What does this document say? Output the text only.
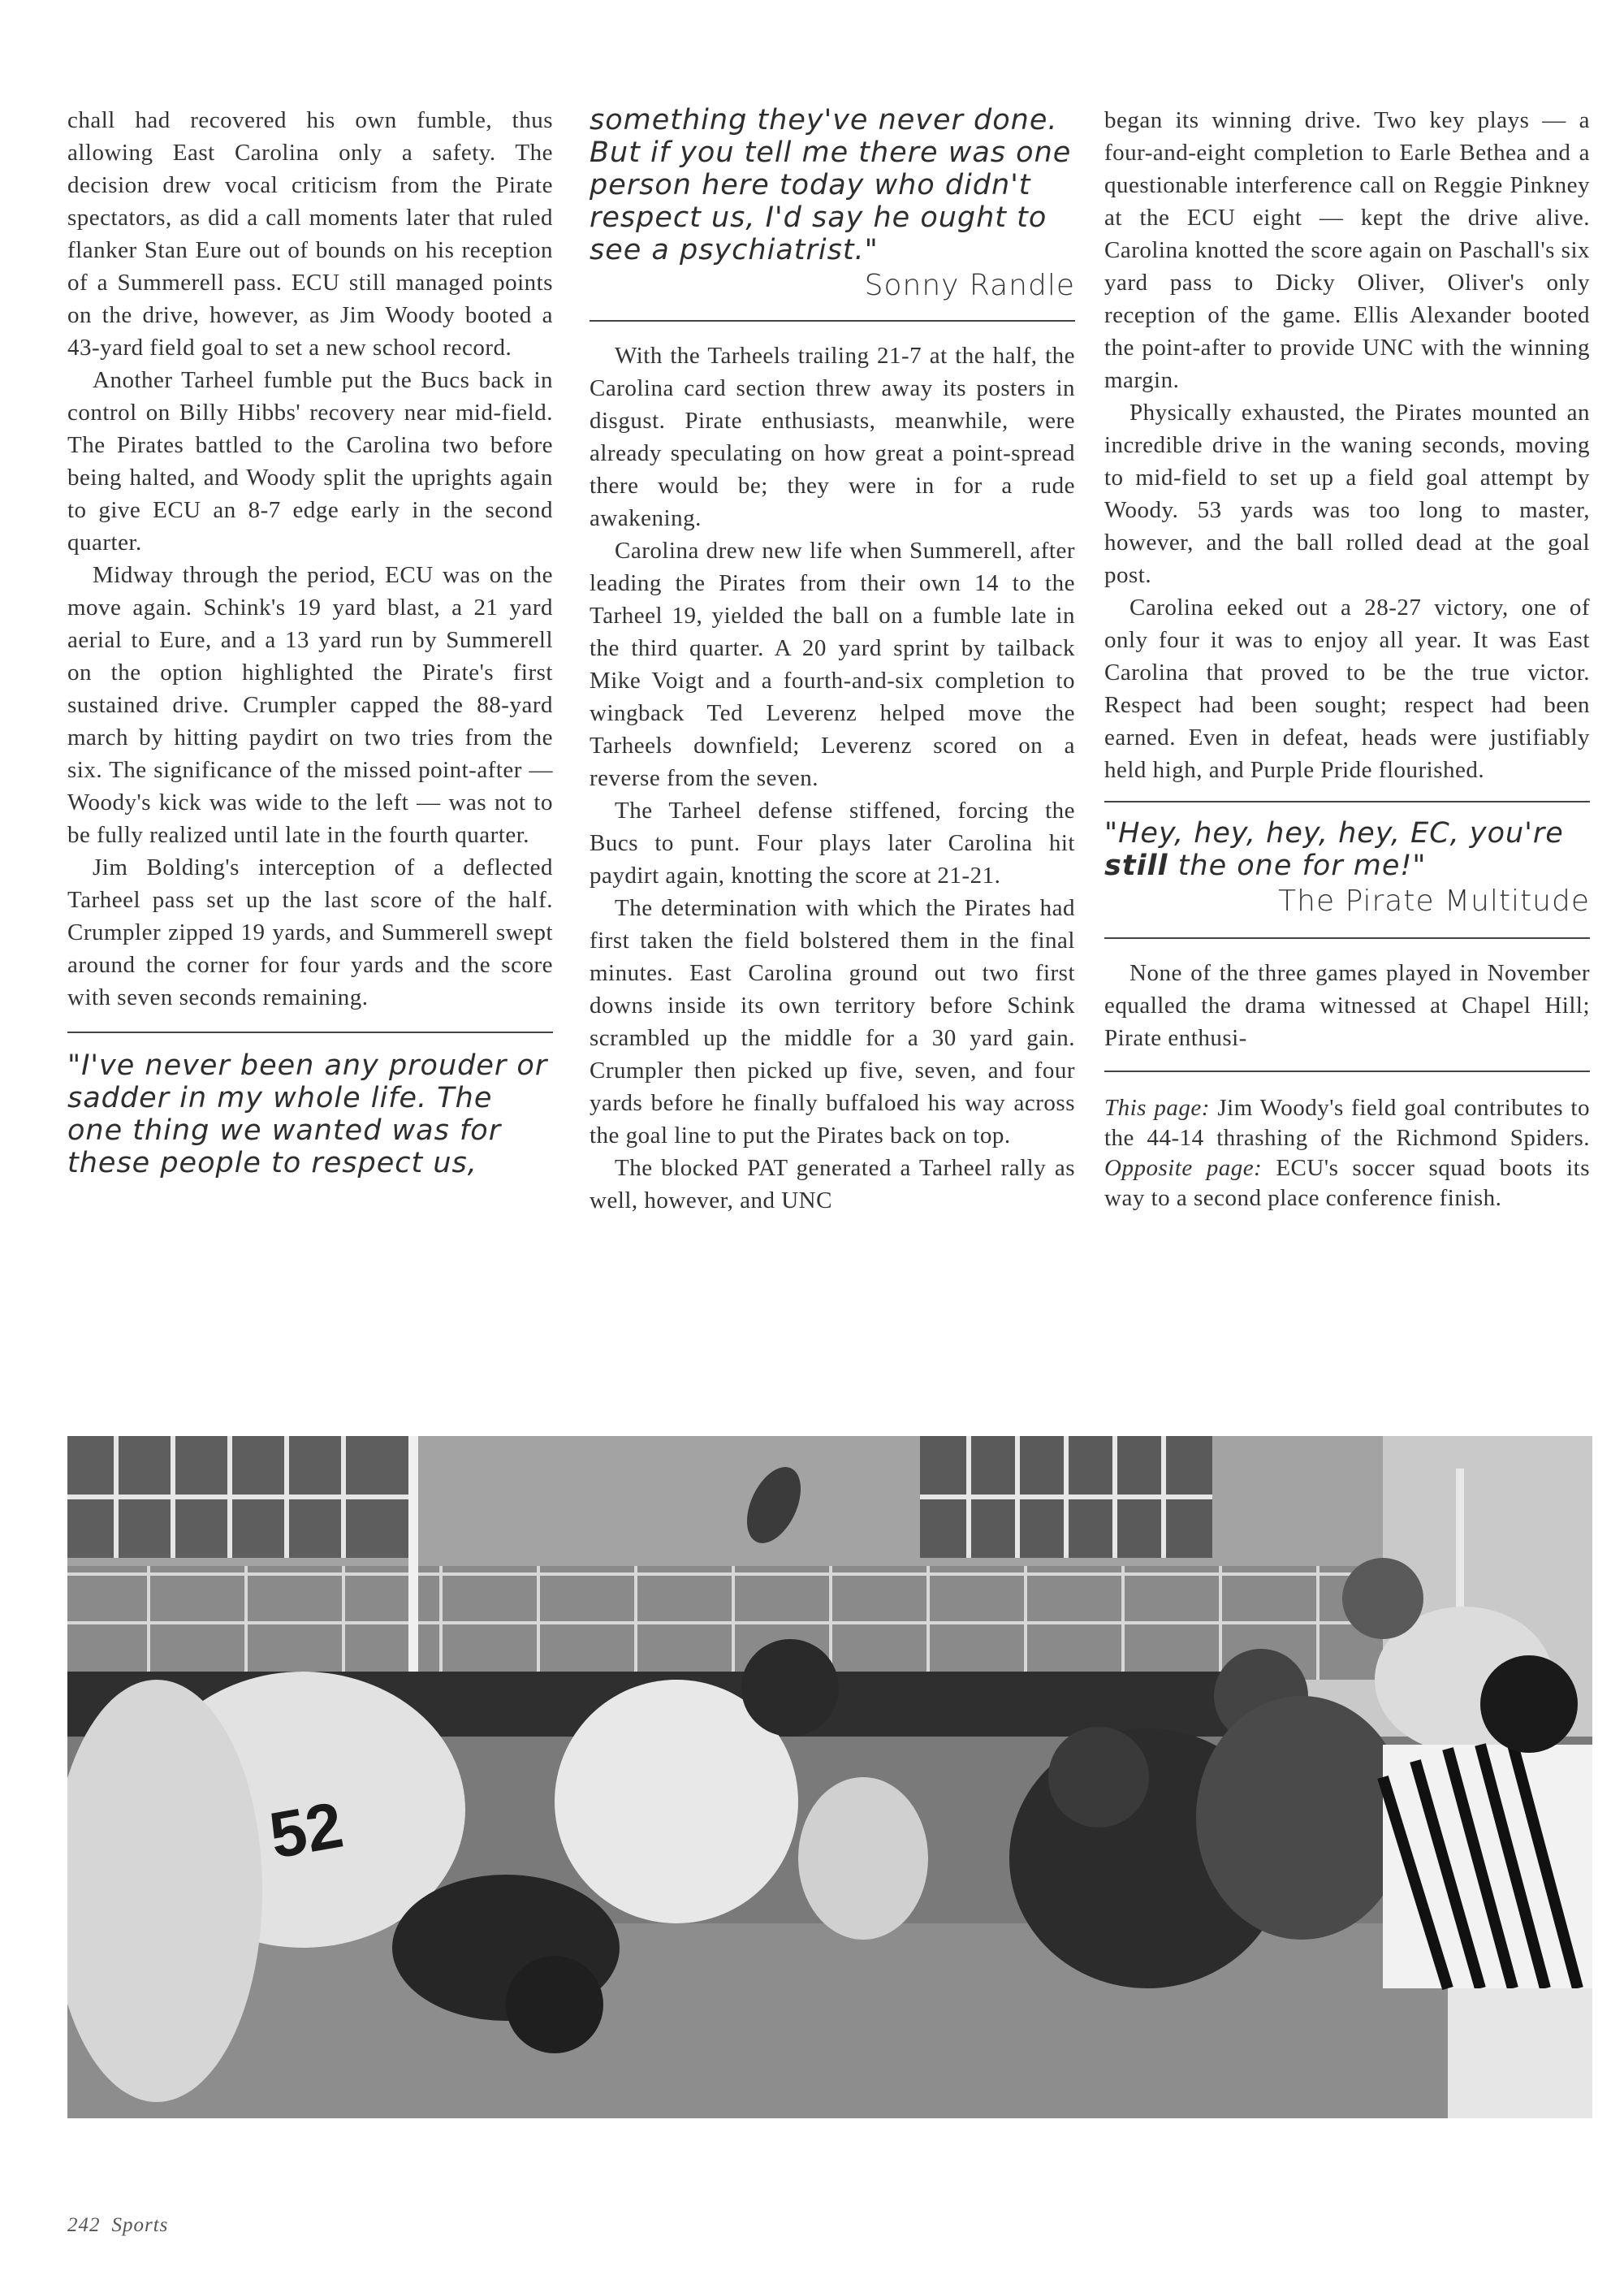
chall had recovered his own fumble, thus allowing East Carolina only a safety. The decision drew vocal criticism from the Pirate spectators, as did a call moments later that ruled flanker Stan Eure out of bounds on his reception of a Summerell pass. ECU still managed points on the drive, however, as Jim Woody booted a 43-yard field goal to set a new school record.

Another Tarheel fumble put the Bucs back in control on Billy Hibbs' recovery near mid-field. The Pirates battled to the Carolina two before being halted, and Woody split the uprights again to give ECU an 8-7 edge early in the second quarter.

Midway through the period, ECU was on the move again. Schink's 19 yard blast, a 21 yard aerial to Eure, and a 13 yard run by Summerell on the option highlighted the Pirate's first sustained drive. Crumpler capped the 88-yard march by hitting paydirt on two tries from the six. The significance of the missed point-after — Woody's kick was wide to the left — was not to be fully realized until late in the fourth quarter.

Jim Bolding's interception of a deflected Tarheel pass set up the last score of the half. Crumpler zipped 19 yards, and Summerell swept around the corner for four yards and the score with seven seconds remaining.

"I've never been any prouder or sadder in my whole life. The one thing we wanted was for these people to respect us,

something they've never done. But if you tell me there was one person here today who didn't respect us, I'd say he ought to see a psychiatrist."

Sonny Randle

With the Tarheels trailing 21-7 at the half, the Carolina card section threw away its posters in disgust. Pirate enthusiasts, meanwhile, were already speculating on how great a point-spread there would be; they were in for a rude awakening.

Carolina drew new life when Summerell, after leading the Pirates from their own 14 to the Tarheel 19, yielded the ball on a fumble late in the third quarter. A 20 yard sprint by tailback Mike Voigt and a fourth-and-six completion to wingback Ted Leverenz helped move the Tarheels downfield; Leverenz scored on a reverse from the seven.

The Tarheel defense stiffened, forcing the Bucs to punt. Four plays later Carolina hit paydirt again, knotting the score at 21-21.

The determination with which the Pirates had first taken the field bolstered them in the final minutes. East Carolina ground out two first downs inside its own territory before Schink scrambled up the middle for a 30 yard gain. Crumpler then picked up five, seven, and four yards before he finally buffaloed his way across the goal line to put the Pirates back on top.

The blocked PAT generated a Tarheel rally as well, however, and UNC

began its winning drive. Two key plays — a four-and-eight completion to Earle Bethea and a questionable interference call on Reggie Pinkney at the ECU eight — kept the drive alive. Carolina knotted the score again on Paschall's six yard pass to Dicky Oliver, Oliver's only reception of the game. Ellis Alexander booted the point-after to provide UNC with the winning margin.

Physically exhausted, the Pirates mounted an incredible drive in the waning seconds, moving to mid-field to set up a field goal attempt by Woody. 53 yards was too long to master, however, and the ball rolled dead at the goal post.

Carolina eeked out a 28-27 victory, one of only four it was to enjoy all year. It was East Carolina that proved to be the true victor. Respect had been sought; respect had been earned. Even in defeat, heads were justifiably held high, and Purple Pride flourished.

"Hey, hey, hey, hey, EC, you're still the one for me!"

The Pirate Multitude

None of the three games played in November equalled the drama witnessed at Chapel Hill; Pirate enthusi-

This page: Jim Woody's field goal contributes to the 44-14 thrashing of the Richmond Spiders. Opposite page: ECU's soccer squad boots its way to a second place conference finish.

52
242 Sports
